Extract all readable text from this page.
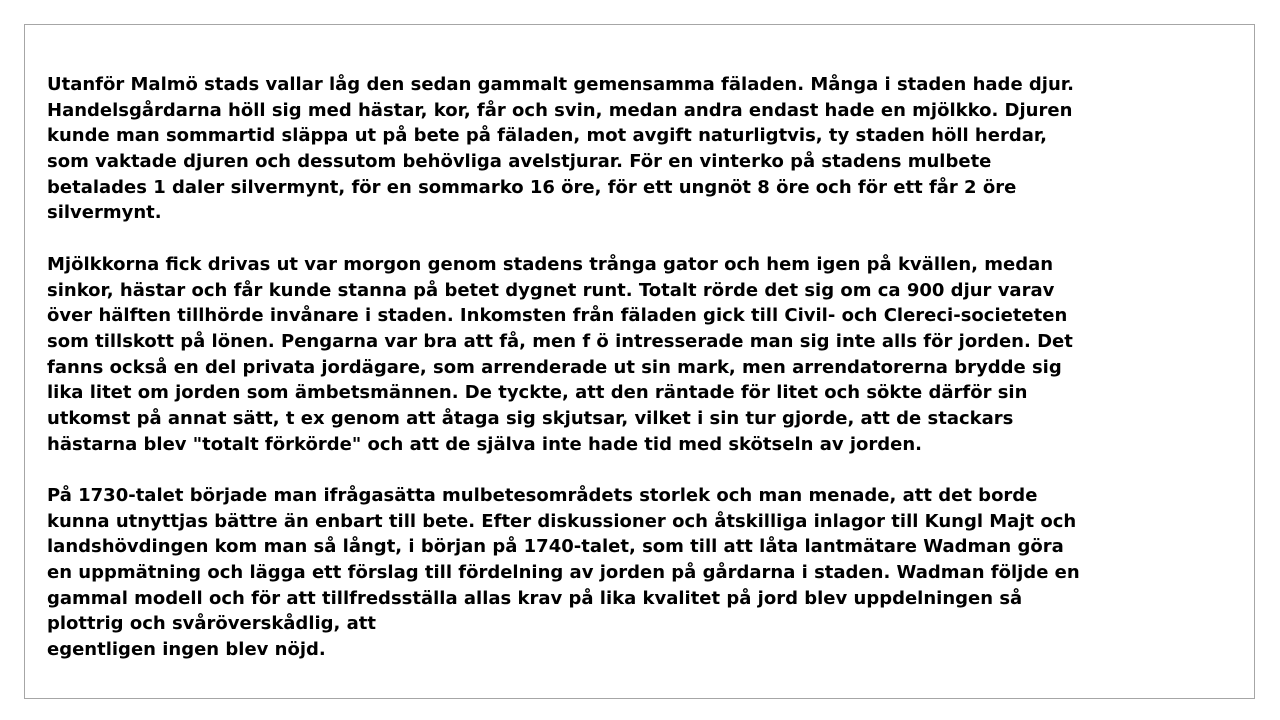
Utanför Malmö stads vallar låg den sedan gammalt gemensamma fäladen. Många i staden hade djur.
Handelsgårdarna höll sig med hästar, kor, får och svin, medan andra endast hade en mjölkko. Djuren
kunde man sommartid släppa ut på bete på fäladen, mot avgift naturligtvis, ty staden höll herdar,
som vaktade djuren och dessutom behövliga avelstjurar. För en vinterko på stadens mulbete
betalades 1 daler silvermynt, för en sommarko 16 öre, för ett ungnöt 8 öre och för ett får 2 öre
silvermynt.
Mjölkkorna fick drivas ut var morgon genom stadens trånga gator och hem igen på kvällen, medan
sinkor, hästar och får kunde stanna på betet dygnet runt. Totalt rörde det sig om ca 900 djur varav
över hälften tillhörde invånare i staden. Inkomsten från fäladen gick till Civil- och Clereci-societeten
som tillskott på lönen. Pengarna var bra att få, men f ö intresserade man sig inte alls för jorden. Det
fanns också en del privata jordägare, som arrenderade ut sin mark, men arrendatorerna brydde sig
lika litet om jorden som ämbetsmännen. De tyckte, att den räntade för litet och sökte därför sin
utkomst på annat sätt, t ex genom att åtaga sig skjutsar, vilket i sin tur gjorde, att de stackars
hästarna blev "totalt förkörde" och att de själva inte hade tid med skötseln av jorden.
På 1730-talet började man ifrågasätta mulbetesområdets storlek och man menade, att det borde
kunna utnyttjas bättre än enbart till bete. Efter diskussioner och åtskilliga inlagor till Kungl Majt och
landshövdingen kom man så långt, i början på 1740-talet, som till att låta lantmätare Wadman göra
en uppmätning och lägga ett förslag till fördelning av jorden på gårdarna i staden. Wadman följde en
gammal modell och för att tillfredsställa allas krav på lika kvalitet på jord blev uppdelningen så
plottrig och svåröverskådlig, att
egentligen ingen blev nöjd.
